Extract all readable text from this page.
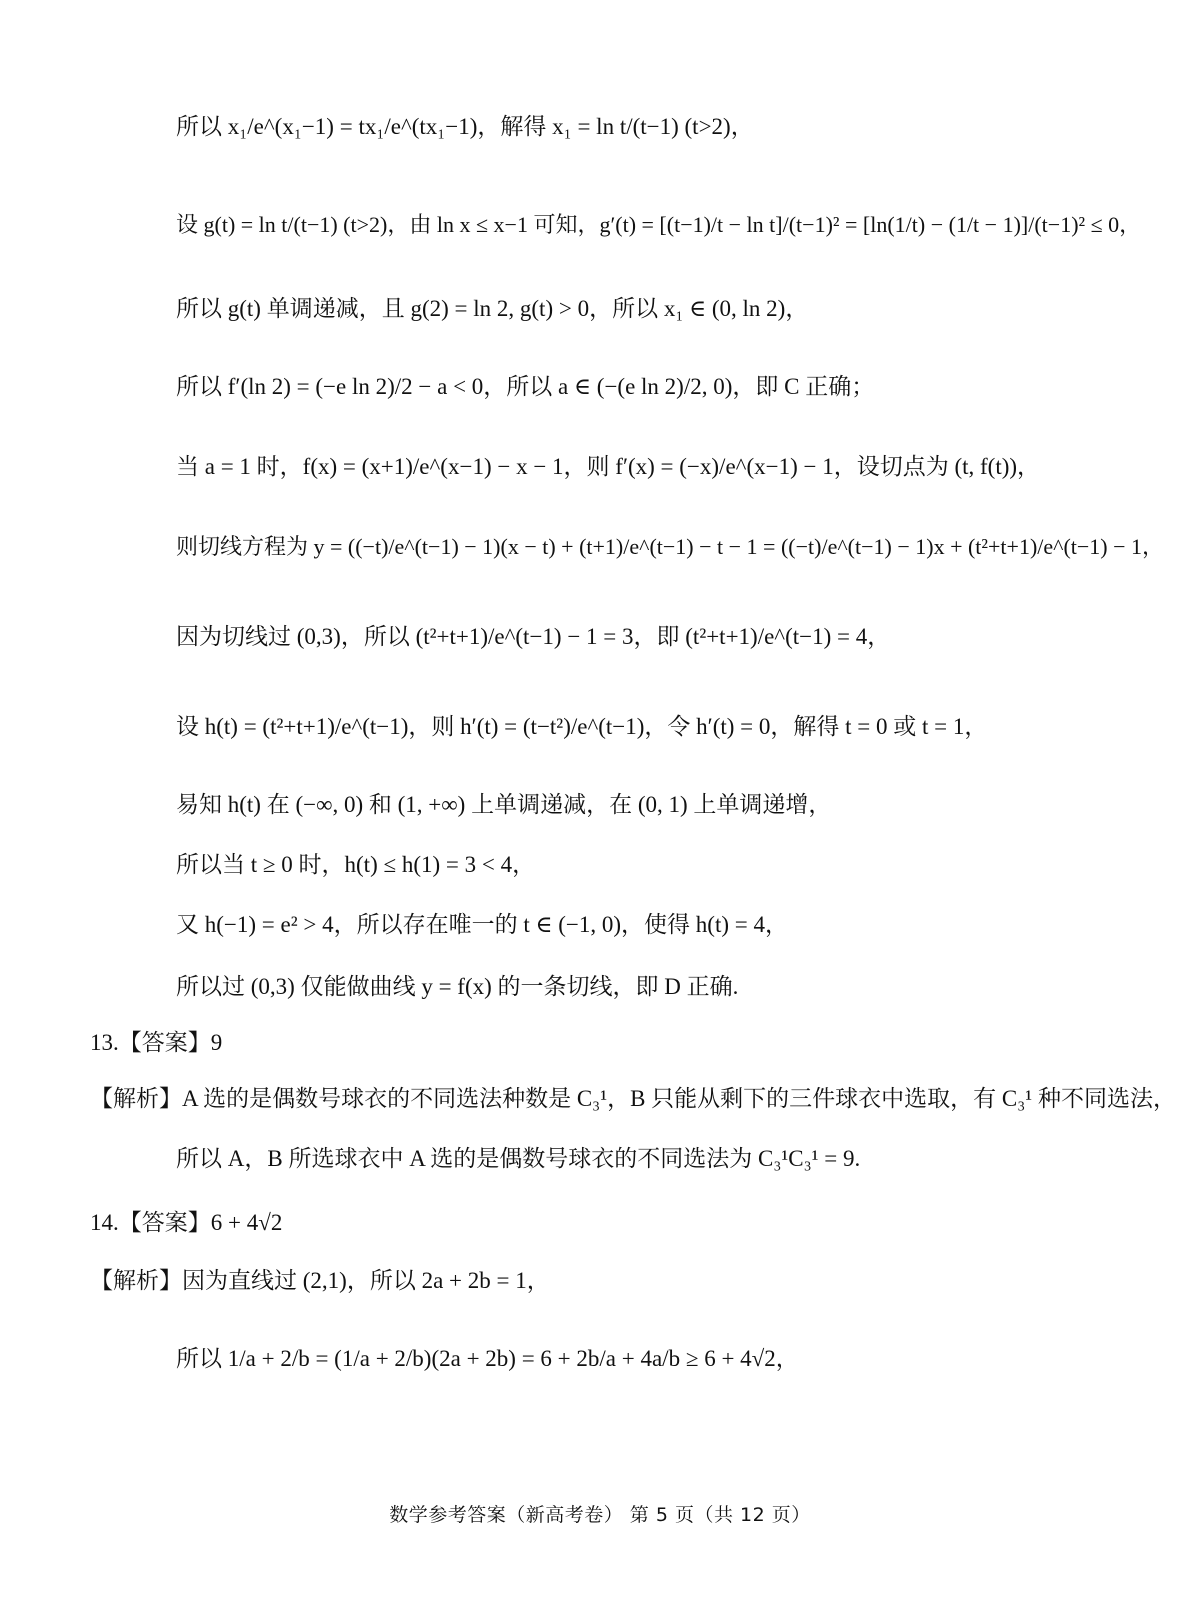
所以 x₁/e^(x₁−1) = tx₁/e^(tx₁−1)，解得 x₁ = ln t/(t−1) (t>2)，
设 g(t) = ln t/(t−1) (t>2)，由 ln x ≤ x−1 可知，g′(t) = [(t−1)/t − ln t]/(t−1)² = [ln(1/t) − (1/t − 1)]/(t−1)² ≤ 0，
所以 g(t) 单调递减，且 g(2) = ln 2, g(t) > 0，所以 x₁ ∈ (0, ln 2)，
所以 f′(ln 2) = (−e ln 2)/2 − a < 0，所以 a ∈ (−(e ln 2)/2, 0)，即 C 正确；
当 a = 1 时，f(x) = (x+1)/e^(x−1) − x − 1，则 f′(x) = (−x)/e^(x−1) − 1，设切点为 (t, f(t))，
则切线方程为 y = ((−t)/e^(t−1) − 1)(x − t) + (t+1)/e^(t−1) − t − 1 = ((−t)/e^(t−1) − 1)x + (t²+t+1)/e^(t−1) − 1，
因为切线过 (0,3)，所以 (t²+t+1)/e^(t−1) − 1 = 3，即 (t²+t+1)/e^(t−1) = 4，
设 h(t) = (t²+t+1)/e^(t−1)，则 h′(t) = (t−t²)/e^(t−1)，令 h′(t) = 0，解得 t = 0 或 t = 1，
易知 h(t) 在 (−∞, 0) 和 (1, +∞) 上单调递减，在 (0, 1) 上单调递增，
所以当 t ≥ 0 时，h(t) ≤ h(1) = 3 < 4，
又 h(−1) = e² > 4，所以存在唯一的 t ∈ (−1, 0)，使得 h(t) = 4，
所以过 (0,3) 仅能做曲线 y = f(x) 的一条切线，即 D 正确.
13.【答案】9
【解析】A 选的是偶数号球衣的不同选法种数是 C₃¹，B 只能从剩下的三件球衣中选取，有 C₃¹ 种不同选法，
所以 A，B 所选球衣中 A 选的是偶数号球衣的不同选法为 C₃¹C₃¹ = 9.
14.【答案】6 + 4√2
【解析】因为直线过 (2,1)，所以 2a + 2b = 1，
所以 1/a + 2/b = (1/a + 2/b)(2a + 2b) = 6 + 2b/a + 4a/b ≥ 6 + 4√2，
数学参考答案（新高考卷） 第 5 页（共 12 页）
